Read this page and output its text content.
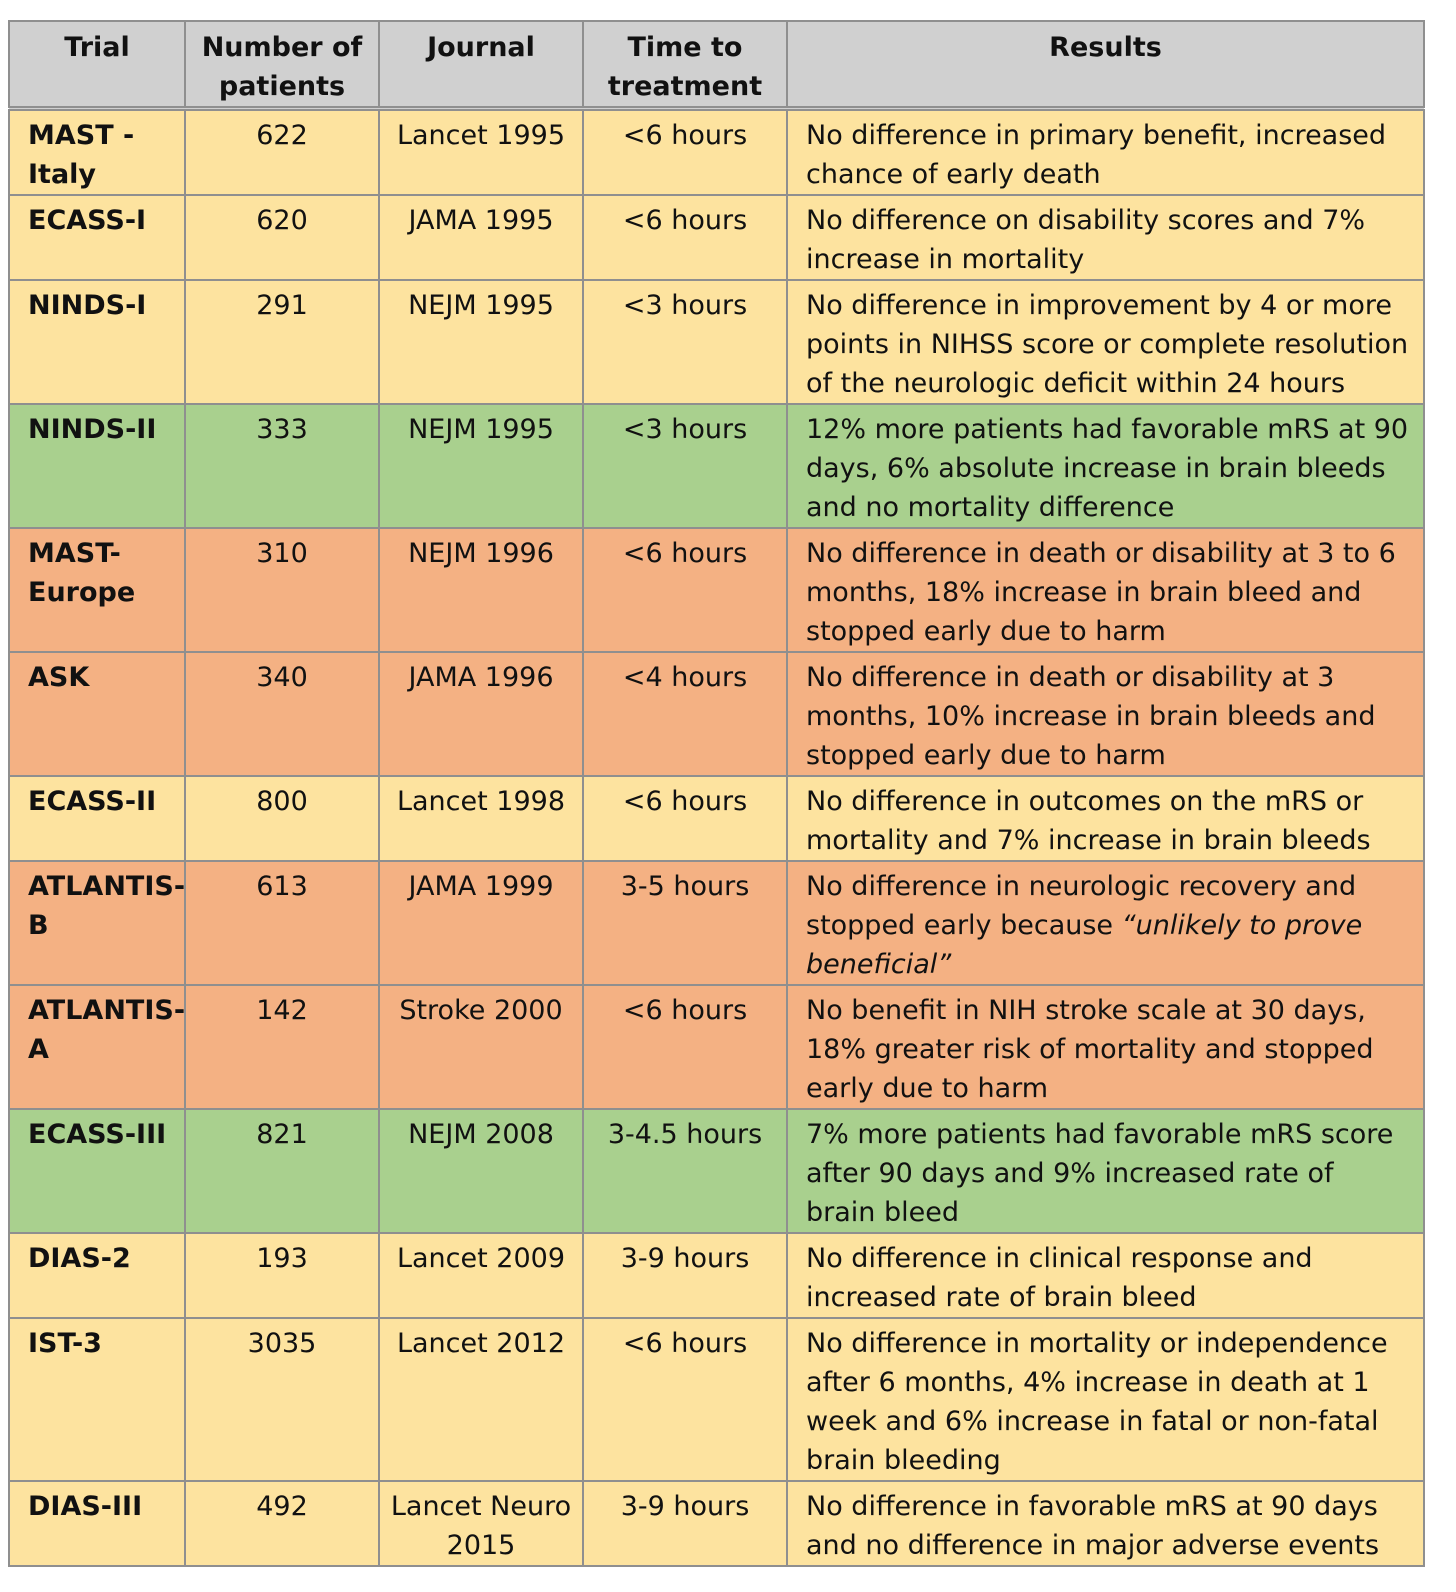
Trial	Number of patients	Journal	Time to treatment	Results
MAST - Italy	622	Lancet 1995	<6 hours	No difference in primary benefit, increased chance of early death
ECASS-I	620	JAMA 1995	<6 hours	No difference on disability scores and 7% increase in mortality
NINDS-I	291	NEJM 1995	<3 hours	No difference in improvement by 4 or more points in NIHSS score or complete resolution of the neurologic deficit within 24 hours
NINDS-II	333	NEJM 1995	<3 hours	12% more patients had favorable mRS at 90 days, 6% absolute increase in brain bleeds and no mortality difference
MAST-Europe	310	NEJM 1996	<6 hours	No difference in death or disability at 3 to 6 months, 18% increase in brain bleed and stopped early due to harm
ASK	340	JAMA 1996	<4 hours	No difference in death or disability at 3 months, 10% increase in brain bleeds and stopped early due to harm
ECASS-II	800	Lancet 1998	<6 hours	No difference in outcomes on the mRS or mortality and 7% increase in brain bleeds
ATLANTIS-B	613	JAMA 1999	3-5 hours	No difference in neurologic recovery and stopped early because “unlikely to prove beneficial”
ATLANTIS-A	142	Stroke 2000	<6 hours	No benefit in NIH stroke scale at 30 days, 18% greater risk of mortality and stopped early due to harm
ECASS-III	821	NEJM 2008	3-4.5 hours	7% more patients had favorable mRS score after 90 days and 9% increased rate of brain bleed
DIAS-2	193	Lancet 2009	3-9 hours	No difference in clinical response and increased rate of brain bleed
IST-3	3035	Lancet 2012	<6 hours	No difference in mortality or independence after 6 months, 4% increase in death at 1 week and 6% increase in fatal or non-fatal brain bleeding
DIAS-III	492	Lancet Neuro 2015	3-9 hours	No difference in favorable mRS at 90 days and no difference in major adverse events
